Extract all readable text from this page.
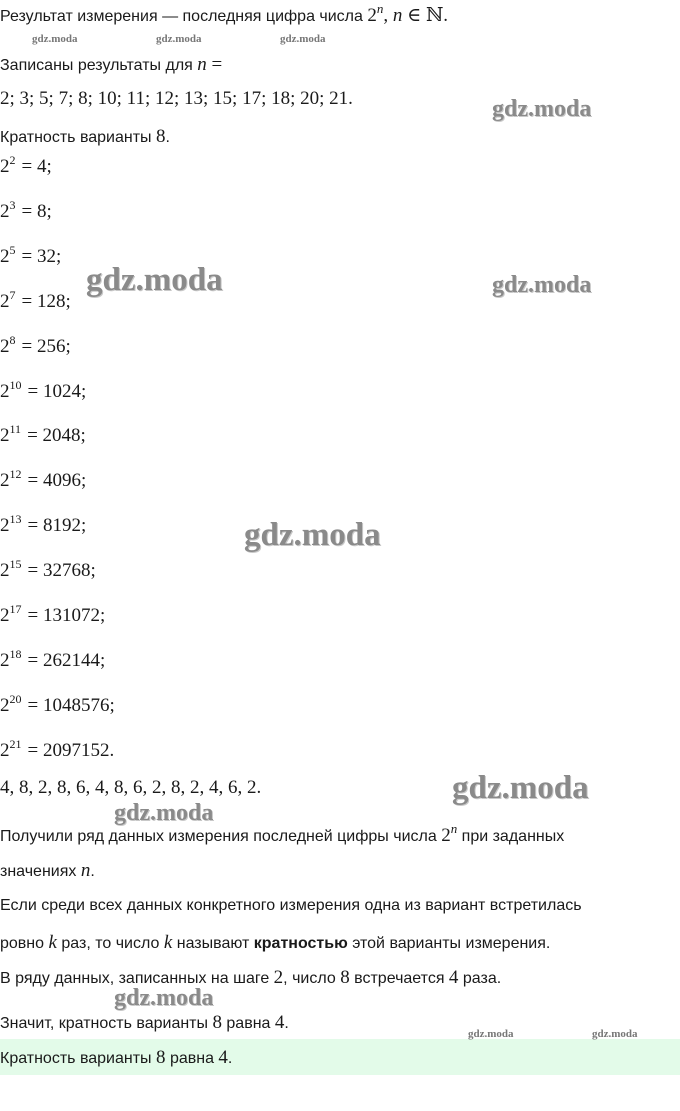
Результат измерения — последняя цифра числа 2$^n$, n ∈ ℕ.
Записаны результаты для n =
2; 3; 5; 7; 8; 10; 11; 12; 13; 15; 17; 18; 20; 21.
Кратность варианты 8.
$2^2 = 4$;
$2^3 = 8$;
$2^5 = 32$;
$2^7 = 128$;
$2^8 = 256$;
$2^{10} = 1024$;
$2^{11} = 2048$;
$2^{12} = 4096$;
$2^{13} = 8192$;
$2^{15} = 32768$;
$2^{17} = 131072$;
$2^{18} = 262144$;
$2^{20} = 1048576$;
$2^{21} = 2097152$.
4, 8, 2, 8, 6, 4, 8, 6, 2, 8, 2, 4, 6, 2.
Получили ряд данных измерения последней цифры числа 2$^n$ при заданных
значениях n.
Если среди всех данных конкретного измерения одна из вариант встретилась
ровно k раз, то число k называют кратностью этой варианты измерения.
В ряду данных, записанных на шаге 2, число 8 встречается 4 раза.
Значит, кратность варианты 8 равна 4.
Кратность варианты 8 равна 4.
gdz.moda	gdz.moda	gdz.moda
gdz.moda
gdz.moda	gdz.moda
gdz.moda
gdz.moda
gdz.moda
gdz.moda
gdz.moda	gdz.moda
